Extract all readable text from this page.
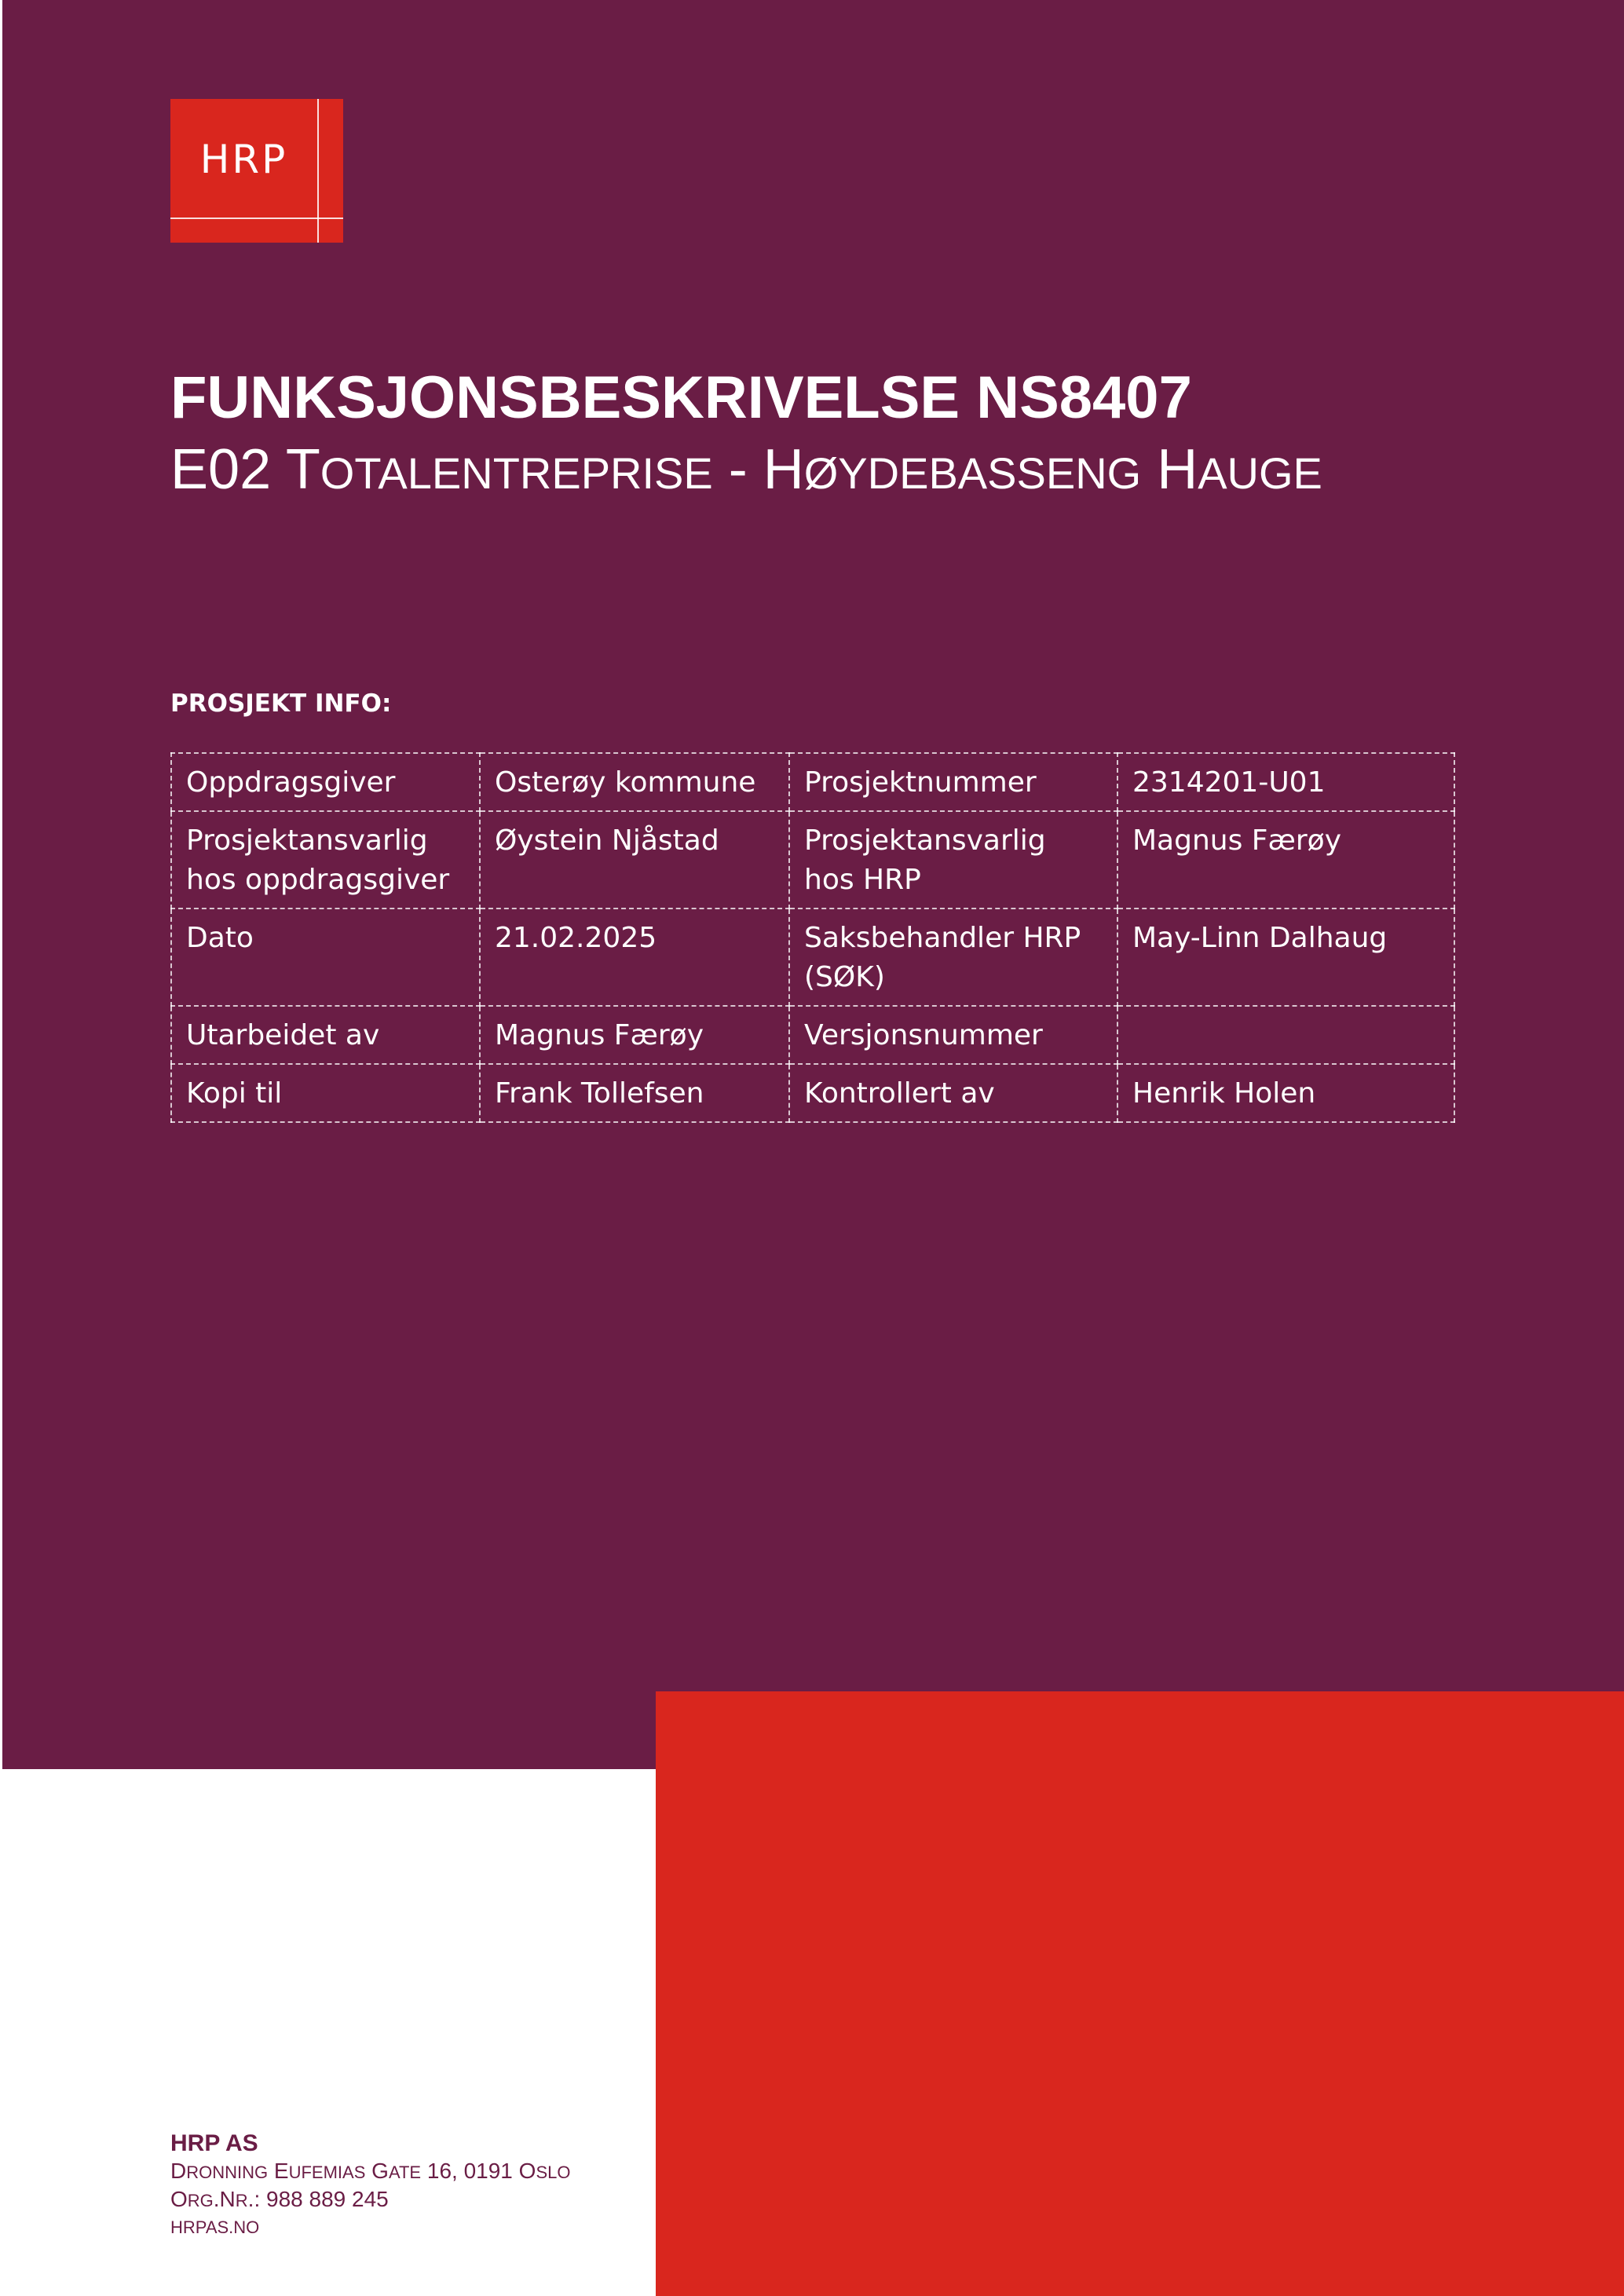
HRP
FUNKSJONSBESKRIVELSE NS8407
E02 TOTALENTREPRISE - HØYDEBASSENG HAUGE
PROSJEKT INFO:
Oppdragsgiver	Osterøy kommune	Prosjektnummer	2314201-U01
Prosjektansvarlig hos oppdragsgiver	Øystein Njåstad	Prosjektansvarlig hos HRP	Magnus Færøy
Dato	21.02.2025	Saksbehandler HRP (SØK)	May-Linn Dalhaug
Utarbeidet av	Magnus Færøy	Versjonsnummer	
Kopi til	Frank Tollefsen	Kontrollert av	Henrik Holen
HRP AS
DRONNING EUFEMIAS GATE 16, 0191 OSLO
ORG.NR.: 988 889 245
HRPAS.NO
